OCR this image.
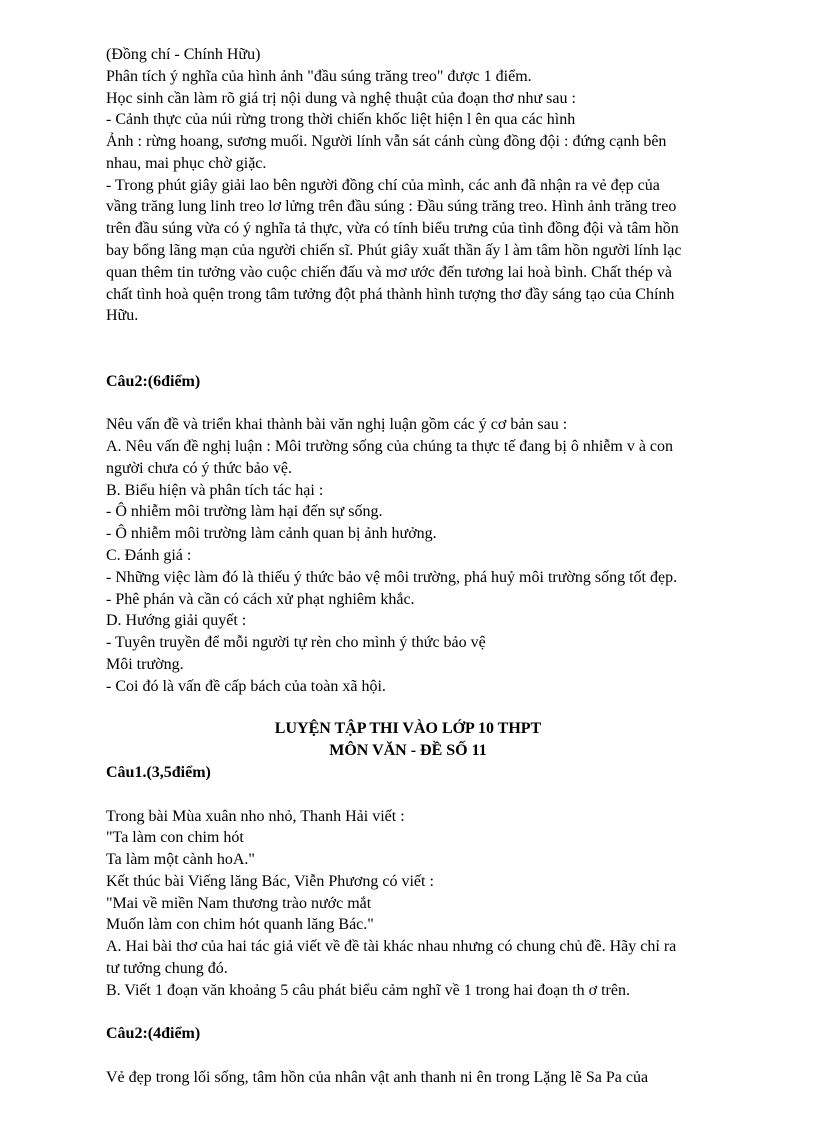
(Đồng chí - Chính Hữu)
Phân tích ý nghĩa của hình ảnh "đầu súng trăng treo" được 1 điểm.
Học sinh cần làm rõ giá trị nội dung và nghệ thuật của đoạn thơ như sau :
- Cảnh thực của núi rừng trong thời chiến khốc liệt hiện l ên qua các hình
Ảnh : rừng hoang, sương muối. Người lính vẫn sát cánh cùng đồng đội : đứng cạnh bên
nhau, mai phục chờ giặc.
- Trong phút giây giải lao bên người đồng chí của mình, các anh đã nhận ra vẻ đẹp của
vầng trăng lung linh treo lơ lửng trên đầu súng : Đầu súng trăng treo. Hình ảnh trăng treo
trên đầu súng vừa có ý nghĩa tả thực, vừa có tính biểu trưng của tình đồng đội và tâm hồn
bay bổng lãng mạn của người chiến sĩ. Phút giây xuất thần ấy l àm tâm hồn người lính lạc
quan thêm tin tưởng vào cuộc chiến đấu và mơ ước đến tương lai hoà bình. Chất thép và
chất tình hoà quện trong tâm tưởng đột phá thành hình tượng thơ đầy sáng tạo của Chính
Hữu.
Câu2:(6điểm)
Nêu vấn đề và triển khai thành bài văn nghị luận gồm các ý cơ bản sau :
A. Nêu vấn đề nghị luận : Môi trường sống của chúng ta thực tế đang bị ô nhiễm v à con
người chưa có ý thức bảo vệ.
B. Biểu hiện và phân tích tác hại :
- Ô nhiễm môi trường làm hại đến sự sống.
- Ô nhiễm môi trường làm cảnh quan bị ảnh hưởng.
C. Đánh giá :
- Những việc làm đó là thiếu ý thức bảo vệ môi trường, phá huỷ môi trường sống tốt đẹp.
- Phê phán và cần có cách xử phạt nghiêm khắc.
D. Hướng giải quyết :
- Tuyên truyền để mỗi người tự rèn cho mình ý thức bảo vệ
Môi trường.
- Coi đó là vấn đề cấp bách của toàn xã hội.
LUYỆN TẬP THI VÀO LỚP 10 THPT
MÔN VĂN - ĐỀ SỐ 11
Câu1.(3,5điểm)
Trong bài Mùa xuân nho nhỏ, Thanh Hải viết :
"Ta làm con chim hót
Ta làm một cành hoA."
Kết thúc bài Viếng lăng Bác, Viễn Phương có viết :
"Mai về miền Nam thương trào nước mắt
Muốn làm con chim hót quanh lăng Bác."
A. Hai bài thơ của hai tác giả viết về đề tài khác nhau nhưng có chung chủ đề. Hãy chỉ ra
tư tưởng chung đó.
B. Viết 1 đoạn văn khoảng 5 câu phát biểu cảm nghĩ về 1 trong hai đoạn th ơ trên.
Câu2:(4điểm)
Vẻ đẹp trong lối sống, tâm hồn của nhân vật anh thanh ni ên trong Lặng lẽ Sa Pa của
